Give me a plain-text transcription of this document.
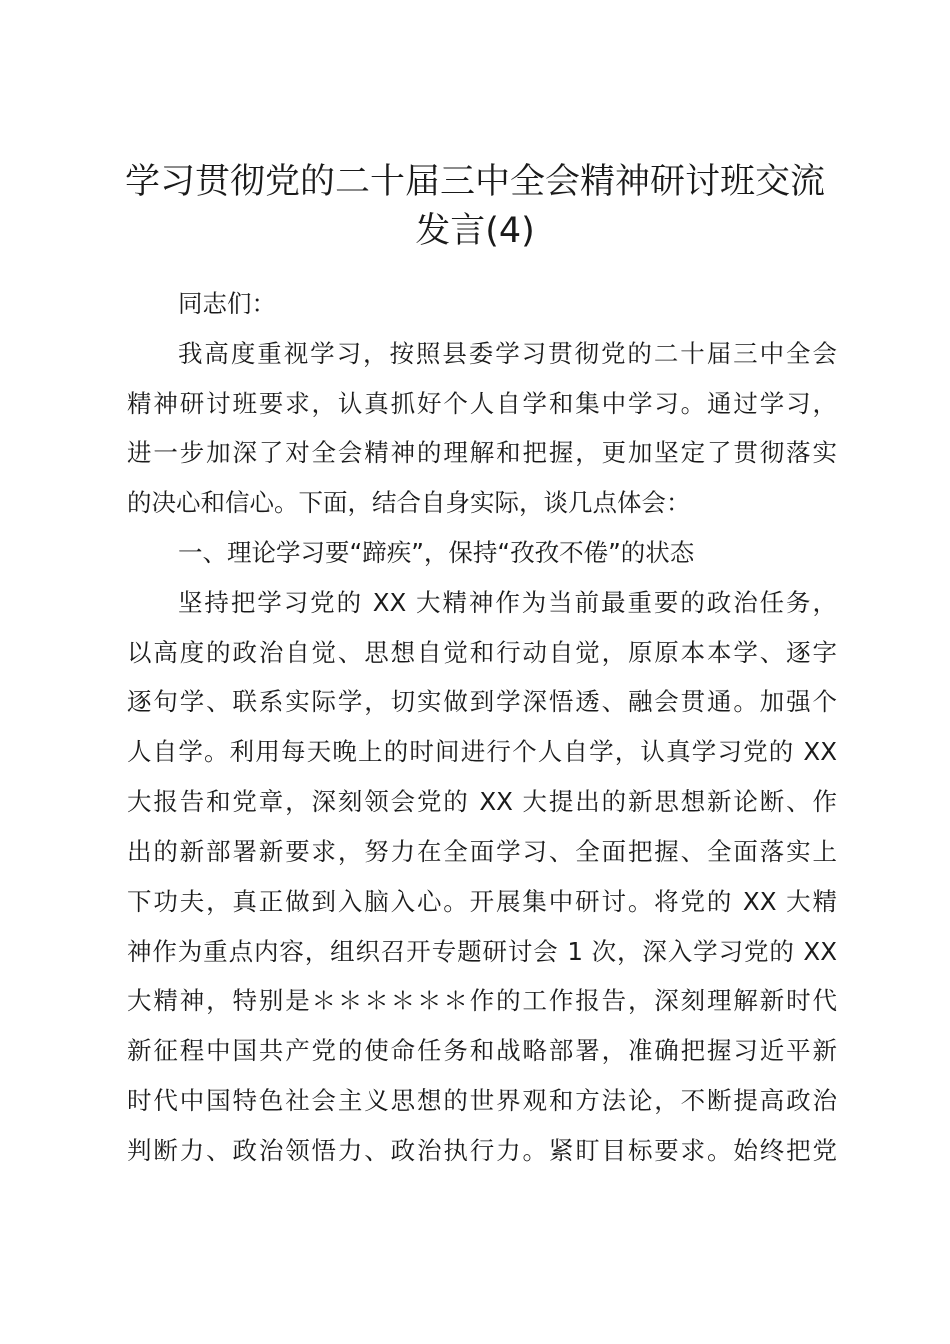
学习贯彻党的二十届三中全会精神研讨班交流
发言(4)

同志们：

我高度重视学习，按照县委学习贯彻党的二十届三中全会

精神研讨班要求，认真抓好个人自学和集中学习。通过学习，

进一步加深了对全会精神的理解和把握，更加坚定了贯彻落实

的决心和信心。下面，结合自身实际，谈几点体会：

一、理论学习要“蹄疾”，保持“孜孜不倦”的状态

坚持把学习党的 XX 大精神作为当前最重要的政治任务，

以高度的政治自觉、思想自觉和行动自觉，原原本本学、逐字

逐句学、联系实际学，切实做到学深悟透、融会贯通。加强个

人自学。利用每天晚上的时间进行个人自学，认真学习党的 XX

大报告和党章，深刻领会党的 XX 大提出的新思想新论断、作

出的新部署新要求，努力在全面学习、全面把握、全面落实上

下功夫，真正做到入脑入心。开展集中研讨。将党的 XX 大精

神作为重点内容，组织召开专题研讨会 1 次，深入学习党的 XX

大精神，特别是＊＊＊＊＊＊作的工作报告，深刻理解新时代

新征程中国共产党的使命任务和战略部署，准确把握习近平新

时代中国特色社会主义思想的世界观和方法论，不断提高政治

判断力、政治领悟力、政治执行力。紧盯目标要求。始终把党
